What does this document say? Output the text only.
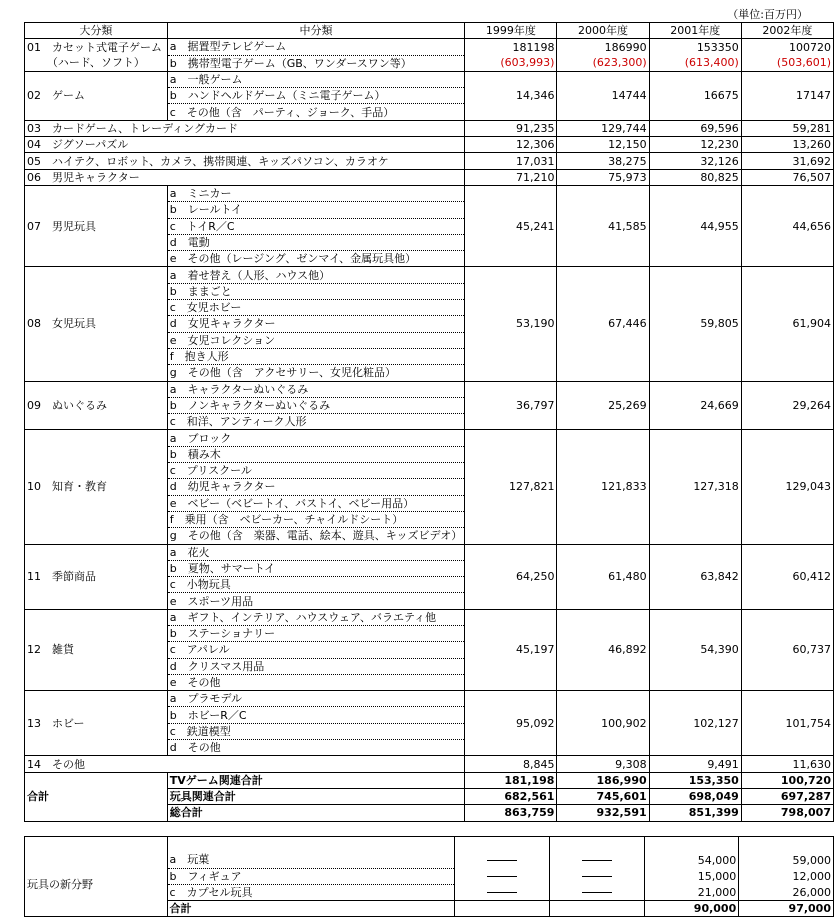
（単位:百万円）
大分類	中分類	1999年度	2000年度	2001年度	2002年度

01　カセット式電子ゲーム
（ハード、ソフト）	a　据置型テレビゲーム	181198	186990	153350	100720
	b　携帯型電子ゲーム（GB、ワンダースワン等）	(603,993)	(623,300)	(613,400)	(503,601)

02　ゲーム	a　一般ゲーム	14,346	14744	16675	17147
	b　ハンドヘルドゲーム（ミニ電子ゲーム）				
	c　その他（含　パーティ、ジョーク、手品）				

03　カードゲーム、トレーディングカード		91,235	129,744	69,596	59,281

04　ジグソーパズル		12,306	12,150	12,230	13,260

05　ハイテク、ロボット、カメラ、携帯関連、キッズパソコン、カラオケ		17,031	38,275	32,126	31,692

06　男児キャラクター		71,210	75,973	80,825	76,507

07　男児玩具	a　ミニカー	45,241	41,585	44,955	44,656
	b　レールトイ				
	c　トイR／C				
	d　電動				
	e　その他（レージング、ゼンマイ、金属玩具他）				

08　女児玩具	a　着せ替え（人形、ハウス他）	53,190	67,446	59,805	61,904
	b　ままごと				
	c　女児ホビー				
	d　女児キャラクター				
	e　女児コレクション				
	f　抱き人形				
	g　その他（含　アクセサリー、女児化粧品）				

09　ぬいぐるみ	a　キャラクターぬいぐるみ	36,797	25,269	24,669	29,264
	b　ノンキャラクターぬいぐるみ				
	c　和洋、アンティーク人形				

10　知育・教育	a　ブロック	127,821	121,833	127,318	129,043
	b　積み木				
	c　プリスクール				
	d　幼児キャラクター				
	e　ベビー（ベビートイ、バストイ、ベビー用品）				
	f　乗用（含　ベビーカー、チャイルドシート）				
	g　その他（含　楽器、電話、絵本、遊具、キッズビデオ）				

11　季節商品	a　花火	64,250	61,480	63,842	60,412
	b　夏物、サマートイ				
	c　小物玩具				
	e　スポーツ用品				

12　雑貨	a　ギフト、インテリア、ハウスウェア、バラエティ他	45,197	46,892	54,390	60,737
	b　ステーショナリー				
	c　アパレル				
	d　クリスマス用品				
	e　その他				

13　ホビー	a　プラモデル	95,092	100,902	102,127	101,754
	b　ホビーR／C				
	c　鉄道模型				
	d　その他				

14　その他		8,845	9,308	9,491	11,630
合計	TVゲーム関連合計	181,198	186,990	153,350	100,720
	玩具関連合計	682,561	745,601	698,049	697,287
	総合計	863,759	932,591	851,399	798,007

玩具の新分野	a　玩菓			54,000	59,000
	b　フィギュア			15,000	12,000
	c　カプセル玩具			21,000	26,000
	合計			90,000	97,000
